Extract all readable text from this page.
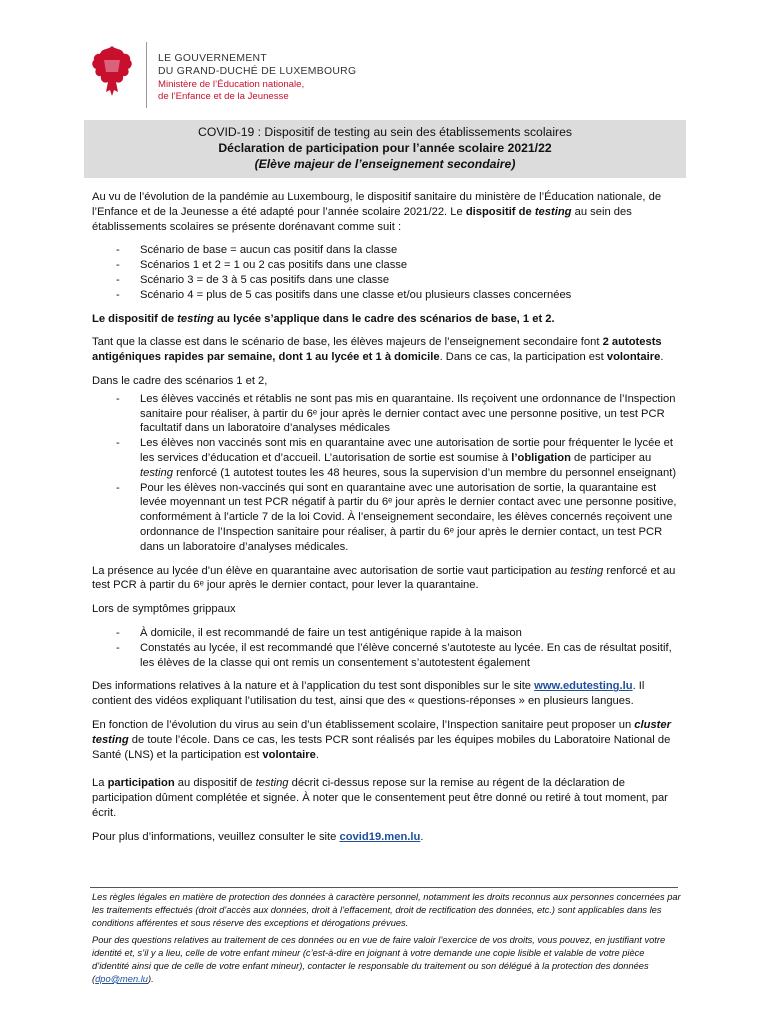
LE GOUVERNEMENT
DU GRAND-DUCHÉ DE LUXEMBOURG
Ministère de l’Éducation nationale,
de l’Enfance et de la Jeunesse
COVID-19 : Dispositif de testing au sein des établissements scolaires
Déclaration de participation pour l’année scolaire 2021/22
(Elève majeur de l’enseignement secondaire)

Au vu de l’évolution de la pandémie au Luxembourg, le dispositif sanitaire du ministère de l’Éducation nationale, de l’Enfance et de la Jeunesse a été adapté pour l’année scolaire 2021/22. Le dispositif de testing au sein des établissements scolaires se présente dorénavant comme suit :

- Scénario de base = aucun cas positif dans la classe
- Scénarios 1 et 2 = 1 ou 2 cas positifs dans une classe
- Scénario 3 = de 3 à 5 cas positifs dans une classe
- Scénario 4 = plus de 5 cas positifs dans une classe et/ou plusieurs classes concernées

Le dispositif de testing au lycée s’applique dans le cadre des scénarios de base, 1 et 2.

Tant que la classe est dans le scénario de base, les élèves majeurs de l’enseignement secondaire font 2 autotests antigéniques rapides par semaine, dont 1 au lycée et 1 à domicile. Dans ce cas, la participation est volontaire.

Dans le cadre des scénarios 1 et 2,

- Les élèves vaccinés et rétablis ne sont pas mis en quarantaine. Ils reçoivent une ordonnance de l’Inspection sanitaire pour réaliser, à partir du 6ᵉ jour après le dernier contact avec une personne positive, un test PCR facultatif dans un laboratoire d’analyses médicales
- Les élèves non vaccinés sont mis en quarantaine avec une autorisation de sortie pour fréquenter le lycée et les services d’éducation et d’accueil. L’autorisation de sortie est soumise à l’obligation de participer au testing renforcé (1 autotest toutes les 48 heures, sous la supervision d’un membre du personnel enseignant)
- Pour les élèves non-vaccinés qui sont en quarantaine avec une autorisation de sortie, la quarantaine est levée moyennant un test PCR négatif à partir du 6ᵉ jour après le dernier contact avec une personne positive, conformément à l’article 7 de la loi Covid. À l’enseignement secondaire, les élèves concernés reçoivent une ordonnance de l’Inspection sanitaire pour réaliser, à partir du 6ᵉ jour après le dernier contact, un test PCR dans un laboratoire d’analyses médicales.

La présence au lycée d’un élève en quarantaine avec autorisation de sortie vaut participation au testing renforcé et au test PCR à partir du 6ᵉ jour après le dernier contact, pour lever la quarantaine.

Lors de symptômes grippaux

- À domicile, il est recommandé de faire un test antigénique rapide à la maison
- Constatés au lycée, il est recommandé que l’élève concerné s’autoteste au lycée. En cas de résultat positif, les élèves de la classe qui ont remis un consentement s’autotestent également

Des informations relatives à la nature et à l’application du test sont disponibles sur le site www.edutesting.lu. Il contient des vidéos expliquant l’utilisation du test, ainsi que des « questions-réponses » en plusieurs langues.

En fonction de l’évolution du virus au sein d’un établissement scolaire, l’Inspection sanitaire peut proposer un cluster testing de toute l’école. Dans ce cas, les tests PCR sont réalisés par les équipes mobiles du Laboratoire National de Santé (LNS) et la participation est volontaire.

La participation au dispositif de testing décrit ci-dessus repose sur la remise au régent de la déclaration de participation dûment complétée et signée. À noter que le consentement peut être donné ou retiré à tout moment, par écrit.

Pour plus d’informations, veuillez consulter le site covid19.men.lu.

Les règles légales en matière de protection des données à caractère personnel, notamment les droits reconnus aux personnes concernées par les traitements effectués (droit d’accès aux données, droit à l’effacement, droit de rectification des données, etc.) sont applicables dans les conditions afférentes et sous réserve des exceptions et dérogations prévues.

Pour des questions relatives au traitement de ces données ou en vue de faire valoir l’exercice de vos droits, vous pouvez, en justifiant votre identité et, s’il y a lieu, celle de votre enfant mineur (c’est-à-dire en joignant à votre demande une copie lisible et valable de votre pièce d’identité ainsi que de celle de votre enfant mineur), contacter le responsable du traitement ou son délégué à la protection des données (dpo@men.lu).
